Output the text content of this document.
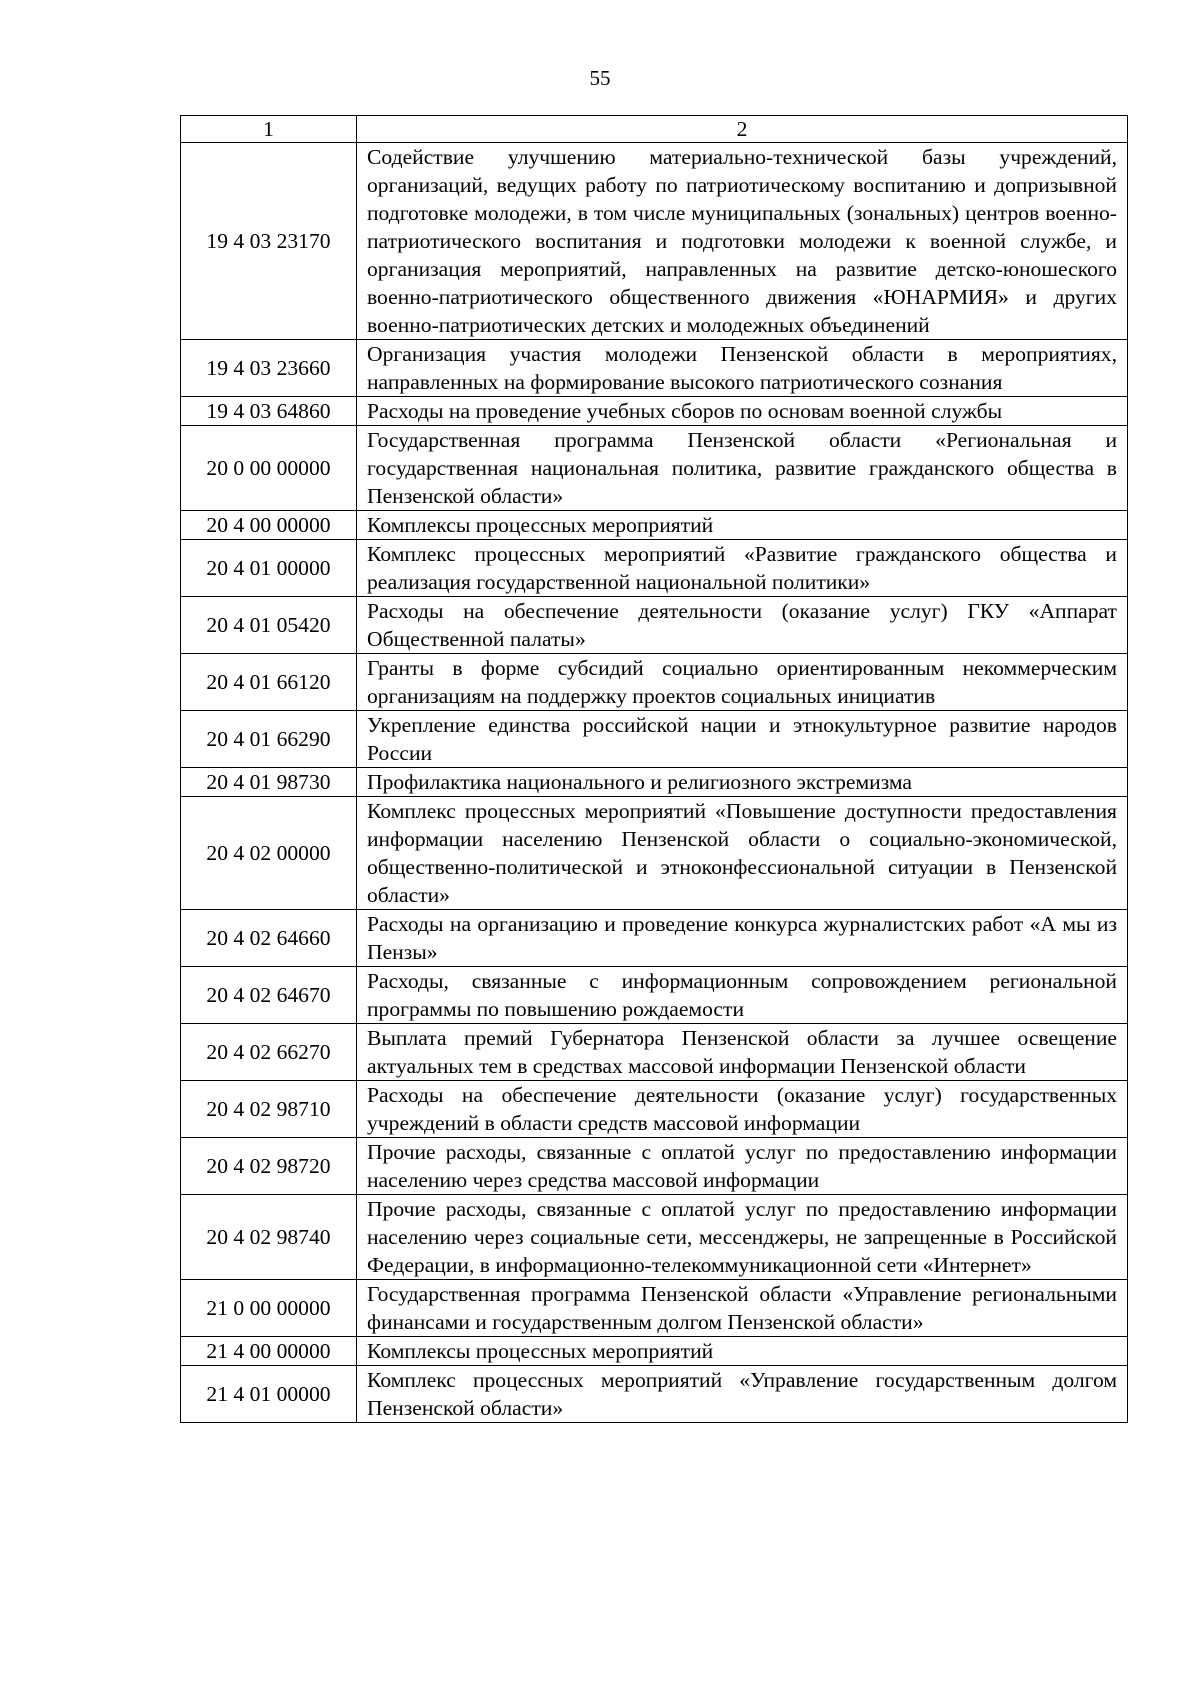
55
1	2
19 4 03 23170	Содействие улучшению материально-технической базы учреждений, организаций, ведущих работу по патриотическому воспитанию и допризывной подготовке молодежи, в том числе муниципальных (зональных) центров военно-патриотического воспитания и подготовки молодежи к военной службе, и организация мероприятий, направленных на развитие детско-юношеского военно-патриотического общественного движения «ЮНАРМИЯ» и других военно-патриотических детских и молодежных объединений
19 4 03 23660	Организация участия молодежи Пензенской области в мероприятиях, направленных на формирование высокого патриотического сознания
19 4 03 64860	Расходы на проведение учебных сборов по основам военной службы
20 0 00 00000	Государственная программа Пензенской области «Региональная и государственная национальная политика, развитие гражданского общества в Пензенской области»
20 4 00 00000	Комплексы процессных мероприятий
20 4 01 00000	Комплекс процессных мероприятий «Развитие гражданского общества и реализация государственной национальной политики»
20 4 01 05420	Расходы на обеспечение деятельности (оказание услуг) ГКУ «Аппарат Общественной палаты»
20 4 01 66120	Гранты в форме субсидий социально ориентированным некоммерческим организациям на поддержку проектов социальных инициатив
20 4 01 66290	Укрепление единства российской нации и этнокультурное развитие народов России
20 4 01 98730	Профилактика национального и религиозного экстремизма
20 4 02 00000	Комплекс процессных мероприятий «Повышение доступности предоставления информации населению Пензенской области о социально-экономической, общественно-политической и этноконфессиональной ситуации в Пензенской области»
20 4 02 64660	Расходы на организацию и проведение конкурса журналистских работ «А мы из Пензы»
20 4 02 64670	Расходы, связанные с информационным сопровождением региональной программы по повышению рождаемости
20 4 02 66270	Выплата премий Губернатора Пензенской области за лучшее освещение актуальных тем в средствах массовой информации Пензенской области
20 4 02 98710	Расходы на обеспечение деятельности (оказание услуг) государственных учреждений в области средств массовой информации
20 4 02 98720	Прочие расходы, связанные с оплатой услуг по предоставлению информации населению через средства массовой информации
20 4 02 98740	Прочие расходы, связанные с оплатой услуг по предоставлению информации населению через социальные сети, мессенджеры, не запрещенные в Российской Федерации, в информационно-телекоммуникационной сети «Интернет»
21 0 00 00000	Государственная программа Пензенской области «Управление региональными финансами и государственным долгом Пензенской области»
21 4 00 00000	Комплексы процессных мероприятий
21 4 01 00000	Комплекс процессных мероприятий «Управление государственным долгом Пензенской области»
